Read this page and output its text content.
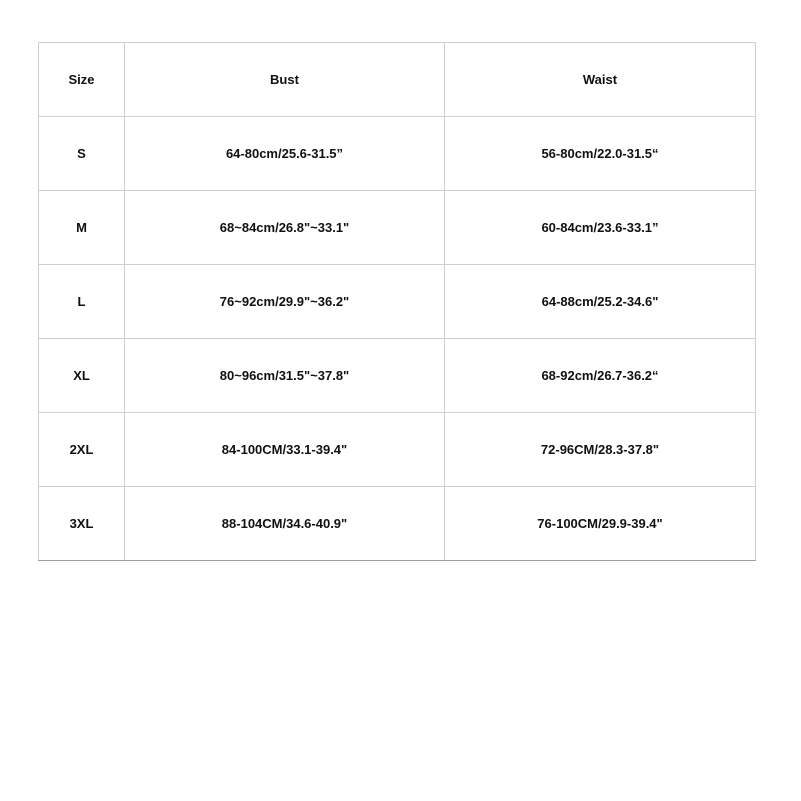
Size	Bust	Waist
S	64-80cm/25.6-31.5”	56-80cm/22.0-31.5“
M	68~84cm/26.8"~33.1"	60-84cm/23.6-33.1”
L	76~92cm/29.9"~36.2"	64-88cm/25.2-34.6"
XL	80~96cm/31.5"~37.8"	68-92cm/26.7-36.2“
2XL	84-100CM/33.1-39.4"	72-96CM/28.3-37.8"
3XL	88-104CM/34.6-40.9"	76-100CM/29.9-39.4"
